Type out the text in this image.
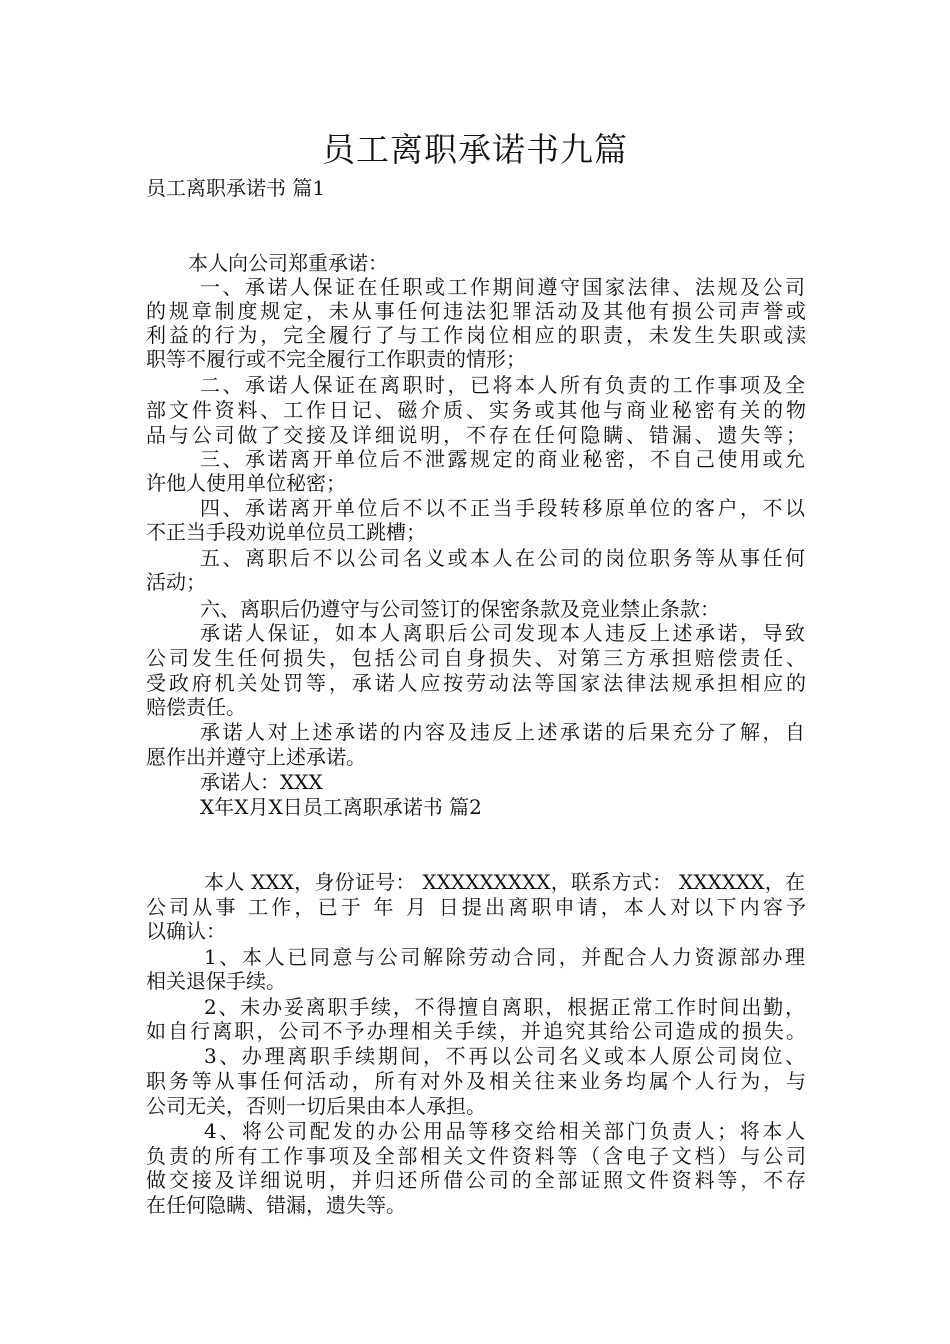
员工离职承诺书九篇

员工离职承诺书 篇1

本人向公司郑重承诺：

一、承诺人保证在任职或工作期间遵守国家法律、法规及公司

的规章制度规定，未从事任何违法犯罪活动及其他有损公司声誉或

利益的行为，完全履行了与工作岗位相应的职责，未发生失职或渎

职等不履行或不完全履行工作职责的情形；

二、承诺人保证在离职时，已将本人所有负责的工作事项及全

部文件资料、工作日记、磁介质、实务或其他与商业秘密有关的物

品与公司做了交接及详细说明，不存在任何隐瞒、错漏、遗失等；

三、承诺离开单位后不泄露规定的商业秘密，不自己使用或允

许他人使用单位秘密；

四、承诺离开单位后不以不正当手段转移原单位的客户，不以

不正当手段劝说单位员工跳槽；

五、离职后不以公司名义或本人在公司的岗位职务等从事任何

活动；

六、离职后仍遵守与公司签订的保密条款及竞业禁止条款：

承诺人保证，如本人离职后公司发现本人违反上述承诺，导致

公司发生任何损失，包括公司自身损失、对第三方承担赔偿责任、

受政府机关处罚等，承诺人应按劳动法等国家法律法规承担相应的

赔偿责任。

承诺人对上述承诺的内容及违反上述承诺的后果充分了解，自

愿作出并遵守上述承诺。

承诺人：XXX

X年X月X日员工离职承诺书 篇2

本人 XXX，身份证号： XXXXXXXXX，联系方式： XXXXXX，在

公司从事 工作，已于 年 月 日提出离职申请，本人对以下内容予

以确认：

1、本人已同意与公司解除劳动合同，并配合人力资源部办理

相关退保手续。

2、未办妥离职手续，不得擅自离职，根据正常工作时间出勤，

如自行离职，公司不予办理相关手续，并追究其给公司造成的损失。

3、办理离职手续期间，不再以公司名义或本人原公司岗位、

职务等从事任何活动，所有对外及相关往来业务均属个人行为，与

公司无关，否则一切后果由本人承担。

4、将公司配发的办公用品等移交给相关部门负责人；将本人

负责的所有工作事项及全部相关文件资料等（含电子文档）与公司

做交接及详细说明，并归还所借公司的全部证照文件资料等，不存

在任何隐瞒、错漏，遗失等。
